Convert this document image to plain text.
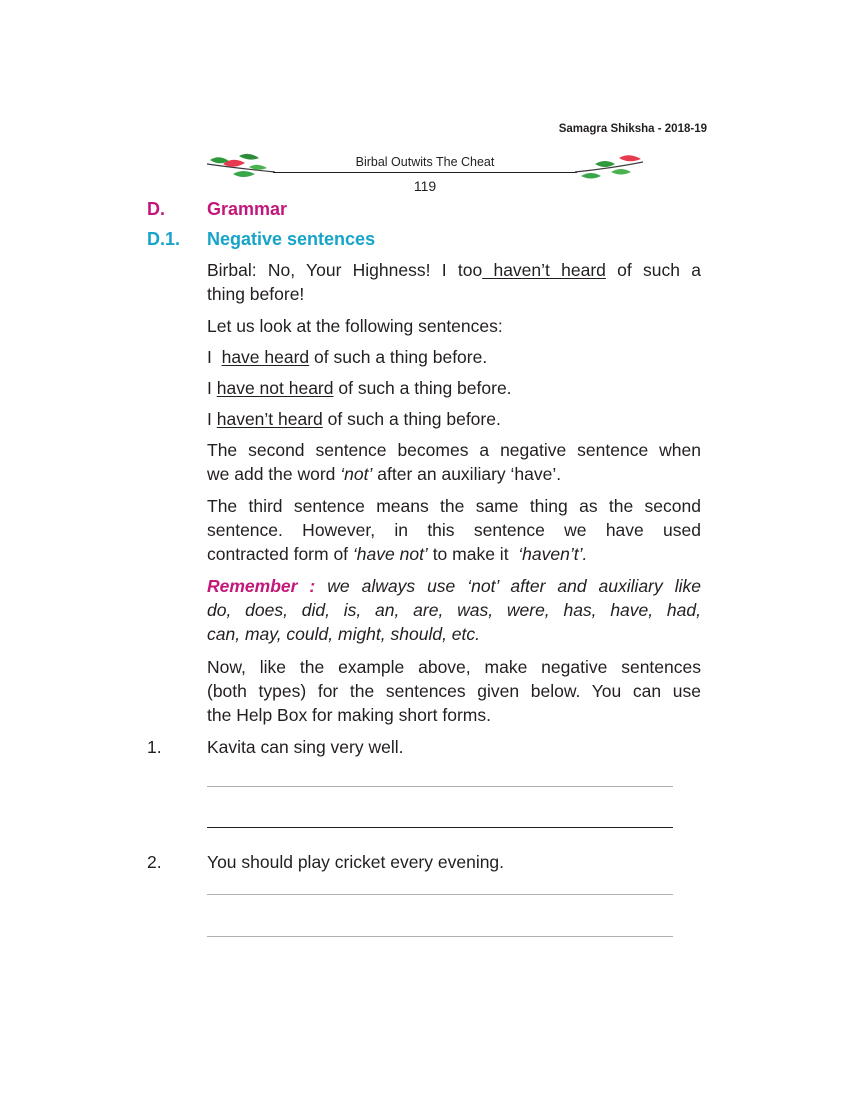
Samagra Shiksha - 2018-19
Birbal Outwits The Cheat
119
D. Grammar
D.1. Negative sentences

Birbal: No, Your Highness! I too haven’t heard of such a

thing before!

Let us look at the following sentences:

I  have heard of such a thing before.

I have not heard of such a thing before.

I haven’t heard of such a thing before.

The second sentence becomes a negative sentence when

we add the word ‘not’ after an auxiliary ‘have’.

The third sentence means the same thing as the second

sentence. However, in this sentence we have used

contracted form of ‘have not’ to make it  ‘haven’t’.

Remember : we always use ‘not’ after and auxiliary like

do, does, did, is, an, are, was, were, has, have, had,

can, may, could, might, should, etc.

Now, like the example above, make negative sentences

(both types) for the sentences given below. You can use

the Help Box for making short forms.

1.	Kavita can sing very well.
2.	You should play cricket every evening.
